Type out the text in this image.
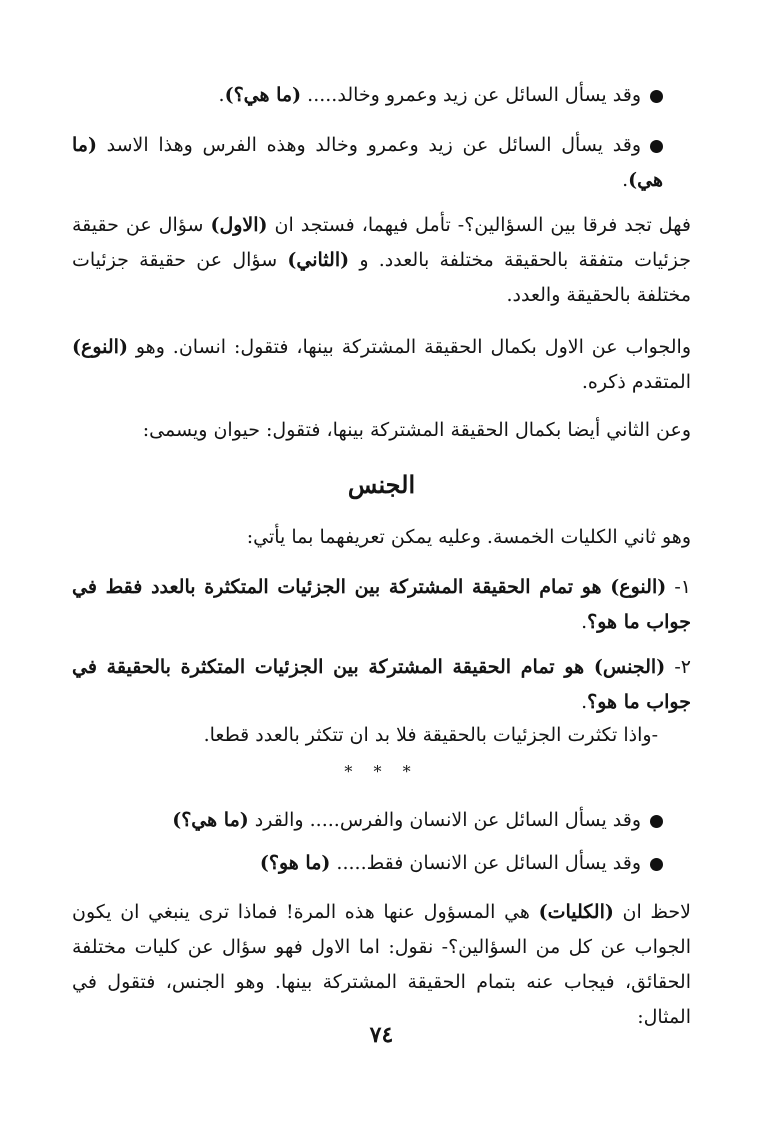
وقد يسأل السائل عن زيد وعمرو وخالد..... (ما هي؟).

وقد يسأل السائل عن زيد وعمرو وخالد وهذه الفرس وهذا الاسد (ما هي).

فهل تجد فرقا بين السؤالين؟- تأمل فيهما، فستجد ان (الاول) سؤال عن حقيقة جزئيات متفقة بالحقيقة مختلفة بالعدد. و (الثاني) سؤال عن حقيقة جزئيات مختلفة بالحقيقة والعدد.

والجواب عن الاول بكمال الحقيقة المشتركة بينها، فتقول: انسان. وهو (النوع) المتقدم ذكره.

وعن الثاني أيضا بكمال الحقيقة المشتركة بينها، فتقول: حيوان ويسمى:

الجنس

وهو ثاني الكليات الخمسة. وعليه يمكن تعريفهما بما يأتي:

١- (النوع) هو تمام الحقيقة المشتركة بين الجزئيات المتكثرة بالعدد فقط في جواب ما هو؟.

٢- (الجنس) هو تمام الحقيقة المشتركة بين الجزئيات المتكثرة بالحقيقة في جواب ما هو؟.

-واذا تكثرت الجزئيات بالحقيقة فلا بد ان تتكثر بالعدد قطعا.

* * *

وقد يسأل السائل عن الانسان والفرس..... والقرد (ما هي؟)

وقد يسأل السائل عن الانسان فقط..... (ما هو؟)

لاحظ ان (الكليات) هي المسؤول عنها هذه المرة! فماذا ترى ينبغي ان يكون الجواب عن كل من السؤالين؟- نقول: اما الاول فهو سؤال عن كليات مختلفة الحقائق، فيجاب عنه بتمام الحقيقة المشتركة بينها. وهو الجنس، فتقول في المثال:

٧٤
